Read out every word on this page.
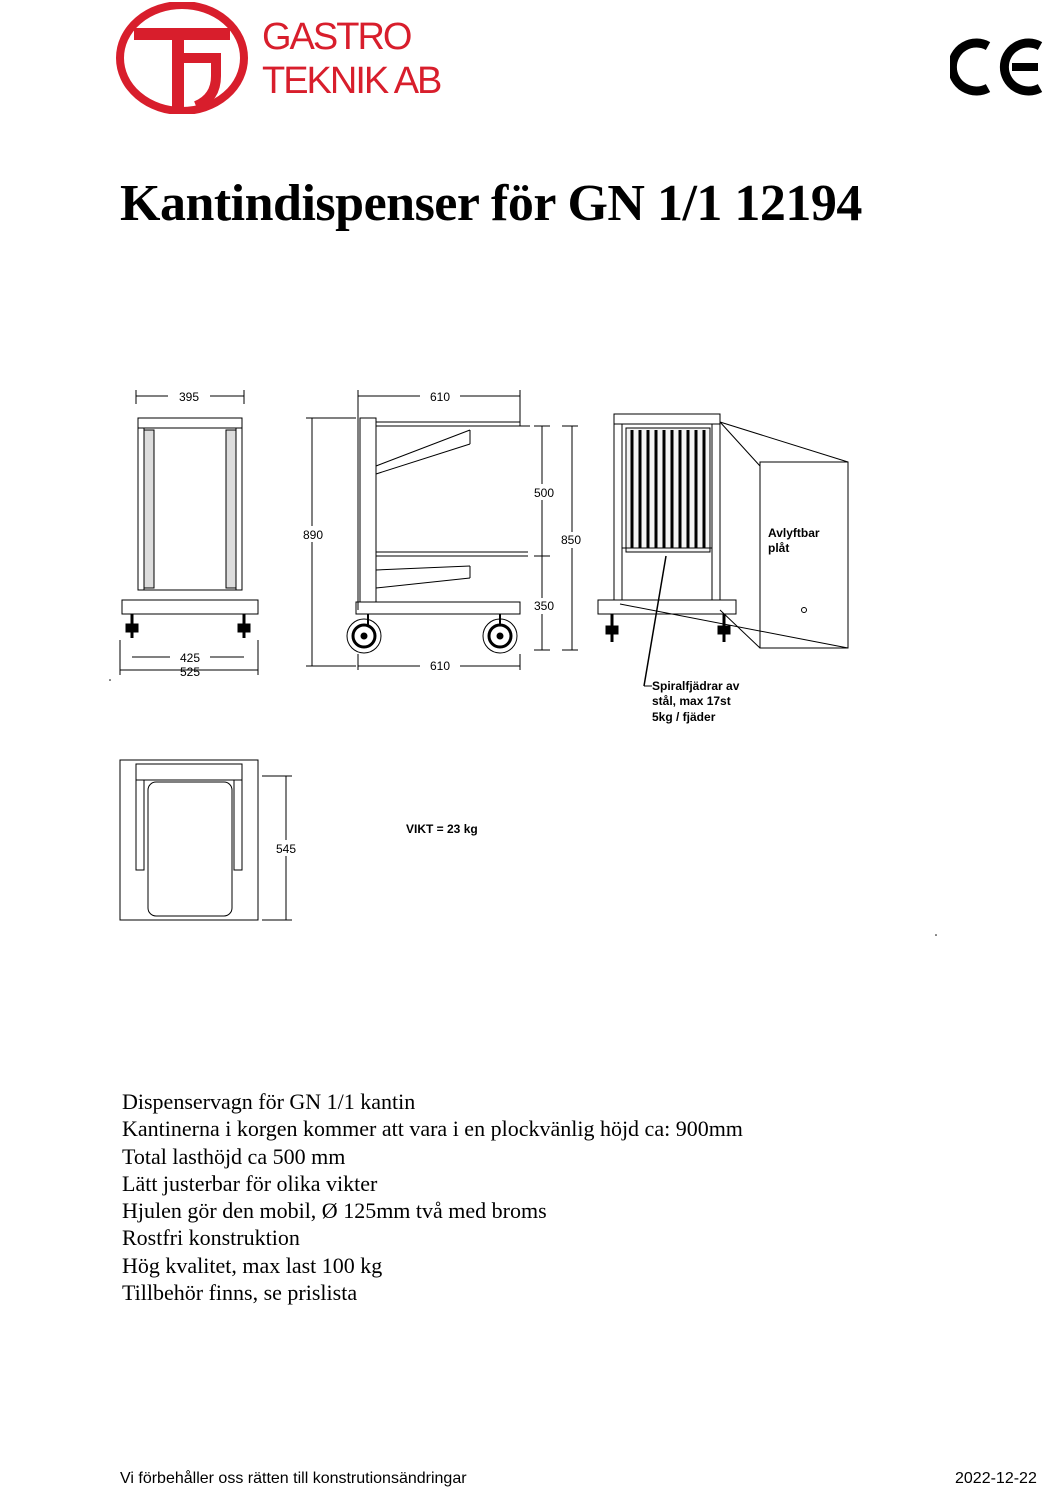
GASTRO
TEKNIK AB
Kantindispenser för GN 1/1 12194
395
425
525
610
890
610
500
850
350
Avlyftbar
plåt
Spiralfjädrar av
stål, max 17st
5kg / fjäder
545
VIKT = 23 kg
Dispenservagn för GN 1/1 kantin
Kantinerna i korgen kommer att vara i en plockvänlig höjd ca: 900mm
Total lasthöjd ca 500 mm
Lätt justerbar för olika vikter
Hjulen gör den mobil, Ø 125mm två med broms
Rostfri konstruktion
Hög kvalitet, max last 100 kg
Tillbehör finns, se prislista
Vi förbehåller oss rätten till konstrutionsändringar	2022-12-22
